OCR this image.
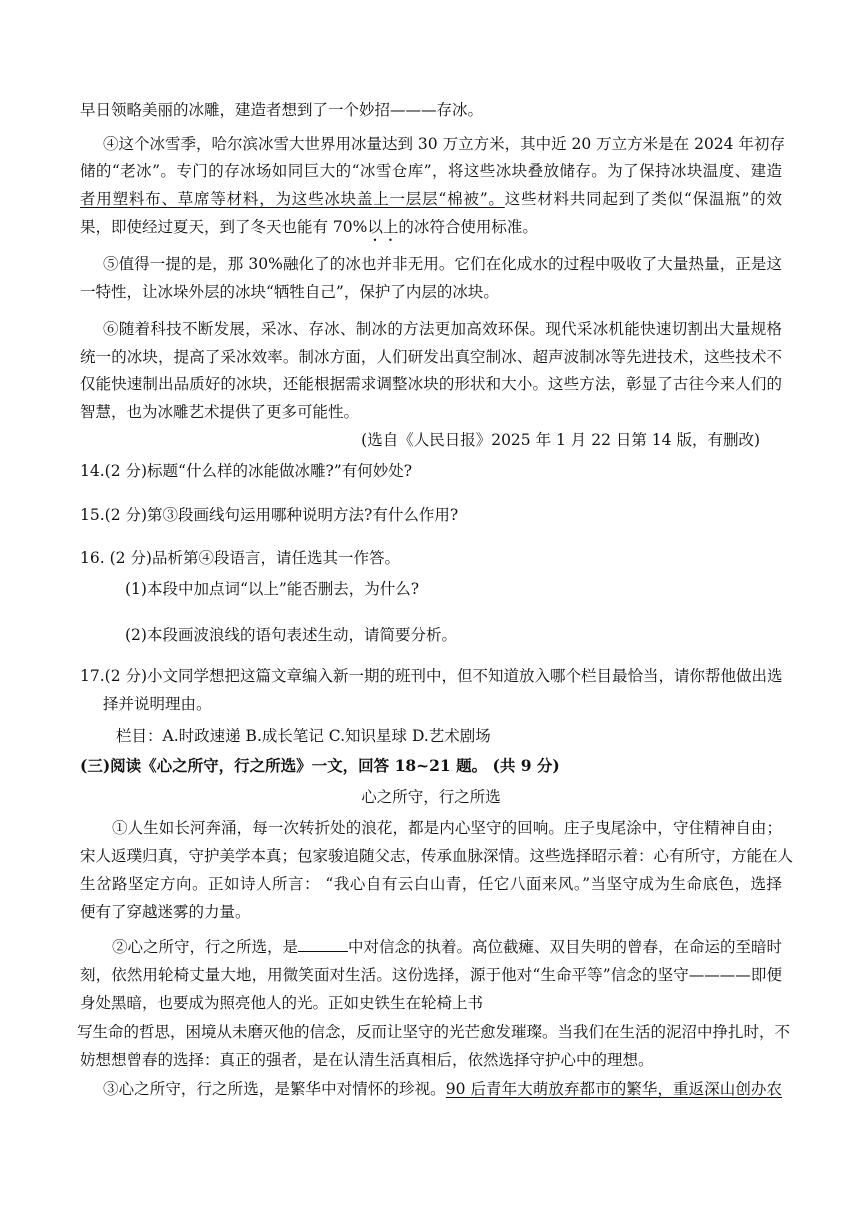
早日领略美丽的冰雕，建造者想到了一个妙招———存冰。
④这个冰雪季，哈尔滨冰雪大世界用冰量达到 30 万立方米，其中近 20 万立方米是在 2024 年初存
储的“老冰”。专门的存冰场如同巨大的“冰雪仓库”，将这些冰块叠放储存。为了保持冰块温度、建造
者用塑料布、草席等材料，为这些冰块盖上一层层“棉被”。这些材料共同起到了类似“保温瓶”的效
果，即使经过夏天，到了冬天也能有 70%以上的冰符合使用标准。
⑤值得一提的是，那 30%融化了的冰也并非无用。它们在化成水的过程中吸收了大量热量，正是这
一特性，让冰垛外层的冰块“牺牲自己”，保护了内层的冰块。
⑥随着科技不断发展，采冰、存冰、制冰的方法更加高效环保。现代采冰机能快速切割出大量规格
统一的冰块，提高了采冰效率。制冰方面，人们研发出真空制冰、超声波制冰等先进技术，这些技术不
仅能快速制出品质好的冰块，还能根据需求调整冰块的形状和大小。这些方法，彰显了古往今来人们的
智慧，也为冰雕艺术提供了更多可能性。
(选自《人民日报》2025 年 1 月 22 日第 14 版，有删改)
14.(2 分)标题“什么样的冰能做冰雕?”有何妙处?
15.(2 分)第③段画线句运用哪种说明方法?有什么作用?
16. (2 分)品析第④段语言，请任选其一作答。
(1)本段中加点词“以上”能否删去，为什么?
(2)本段画波浪线的语句表述生动，请简要分析。
17.(2 分)小文同学想把这篇文章编入新一期的班刊中，但不知道放入哪个栏目最恰当，请你帮他做出选
择并说明理由。
栏目：A.时政速递 B.成长笔记 C.知识星球 D.艺术剧场
(三)阅读《心之所守，行之所选》一文，回答 18~21 题。 (共 9 分)
心之所守，行之所选
①人生如长河奔涌，每一次转折处的浪花，都是内心坚守的回响。庄子曳尾涂中，守住精神自由；
宋人返璞归真，守护美学本真；包家骏追随父志，传承血脉深情。这些选择昭示着：心有所守，方能在人
生岔路坚定方向。正如诗人所言： “我心自有云白山青，任它八面来风。”当坚守成为生命底色，选择
便有了穿越迷雾的力量。
②心之所守，行之所选，是	中对信念的执着。高位截瘫、双目失明的曾春，在命运的至暗时
刻，依然用轮椅丈量大地，用微笑面对生活。这份选择，源于他对“生命平等”信念的坚守————即便
身处黑暗，也要成为照亮他人的光。正如史铁生在轮椅上书
写生命的哲思，困境从未磨灭他的信念，反而让坚守的光芒愈发璀璨。当我们在生活的泥沼中挣扎时，不
妨想想曾春的选择：真正的强者，是在认清生活真相后，依然选择守护心中的理想。
③心之所守，行之所选，是繁华中对情怀的珍视。90 后青年大萌放弃都市的繁华，重返深山创办农
